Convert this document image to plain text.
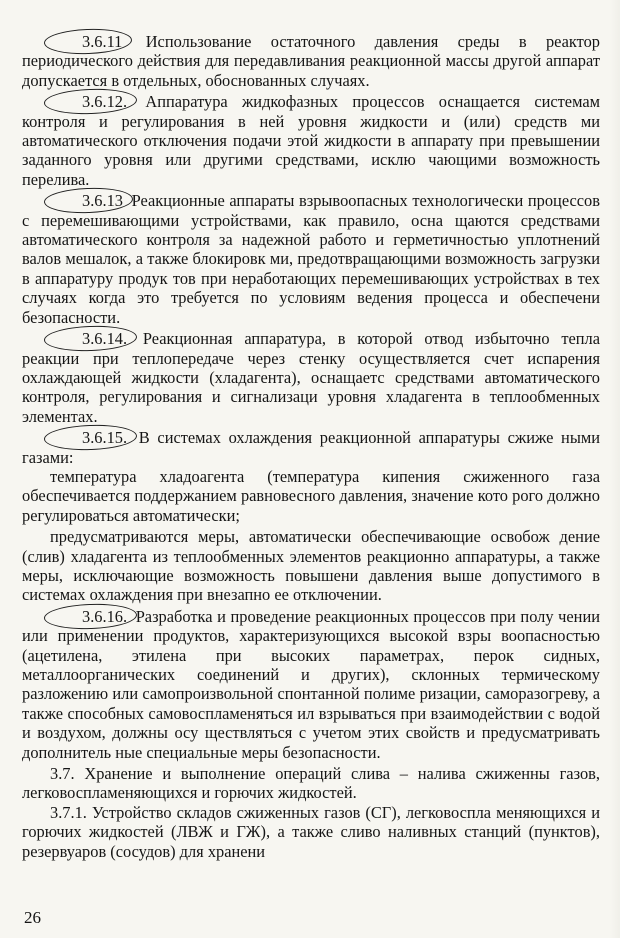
3.6.11 Использование остаточного давления среды в реактор периодического действия для передавливания реакционной массы другой аппарат допускается в отдельных, обоснованных случаях.

3.6.12. Аппаратура жидкофазных процессов оснащается системам контроля и регулирования в ней уровня жидкости и (или) средств ми автоматического отключения подачи этой жидкости в аппарату при превышении заданного уровня или другими средствами, исклю чающими возможность перелива.

3.6.13 Реакционные аппараты взрывоопасных технологически процессов с перемешивающими устройствами, как правило, осна щаются средствами автоматического контроля за надежной работо и герметичностью уплотнений валов мешалок, а также блокировк ми, предотвращающими возможность загрузки в аппаратуру продук тов при неработающих перемешивающих устройствах в тех случаях когда это требуется по условиям ведения процесса и обеспечени безопасности.

3.6.14. Реакционная аппаратура, в которой отвод избыточно тепла реакции при теплопередаче через стенку осуществляется счет испарения охлаждающей жидкости (хладагента), оснащаетс средствами автоматического контроля, регулирования и сигнализаци уровня хладагента в теплообменных элементах.

3.6.15. В системах охлаждения реакционной аппаратуры сжиже ными газами:

температура хладоагента (температура кипения сжиженного газа обеспечивается поддержанием равновесного давления, значение кото рого должно регулироваться автоматически;

предусматриваются меры, автоматически обеспечивающие освобож дение (слив) хладагента из теплообменных элементов реакционно аппаратуры, а также меры, исключающие возможность повышени давления выше допустимого в системах охлаждения при внезапно ее отключении.

3.6.16. Разработка и проведение реакционных процессов при полу чении или применении продуктов, характеризующихся высокой взры воопасностью (ацетилена, этилена при высоких параметрах, перок сидных, металлоорганических соединений и других), склонных термическому разложению или самопроизвольной спонтанной полиме ризации, саморазогреву, а также способных самовоспламеняться ил взрываться при взаимодействии с водой и воздухом, должны осу ществляться с учетом этих свойств и предусматривать дополнитель ные специальные меры безопасности.

3.7. Хранение и выполнение операций слива – налива сжиженны газов, легковоспламеняющихся и горючих жидкостей.

3.7.1. Устройство складов сжиженных газов (СГ), легковоспла меняющихся и горючих жидкостей (ЛВЖ и ГЖ), а также сливо наливных станций (пунктов), резервуаров (сосудов) для хранени

26
